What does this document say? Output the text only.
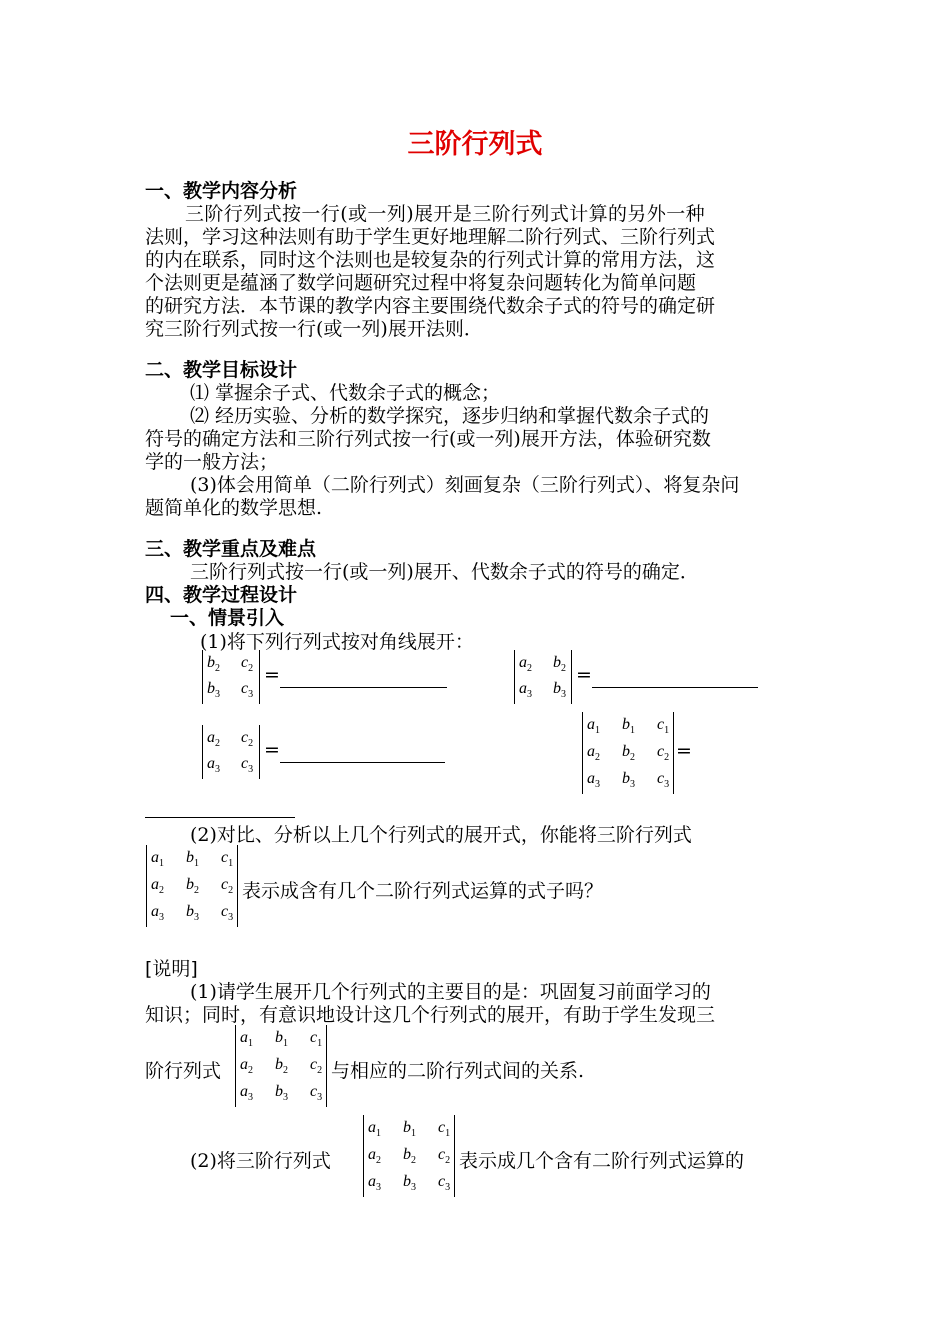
三阶行列式
一、教学内容分析
三阶行列式按一行(或一列)展开是三阶行列式计算的另外一种
法则，学习这种法则有助于学生更好地理解二阶行列式、三阶行列式
的内在联系，同时这个法则也是较复杂的行列式计算的常用方法，这
个法则更是蕴涵了数学问题研究过程中将复杂问题转化为简单问题
的研究方法．本节课的教学内容主要围绕代数余子式的符号的确定研
究三阶行列式按一行(或一列)展开法则．
二、教学目标设计
⑴ 掌握余子式、代数余子式的概念；
⑵ 经历实验、分析的数学探究，逐步归纳和掌握代数余子式的
符号的确定方法和三阶行列式按一行(或一列)展开方法，体验研究数
学的一般方法；
(3)体会用简单（二阶行列式）刻画复杂（三阶行列式）、将复杂问
题简单化的数学思想.
三、教学重点及难点
三阶行列式按一行(或一列)展开、代数余子式的符号的确定．
四、教学过程设计
一、情景引入
(1)将下列行列式按对角线展开：
$b_2$ $c_2$
$b_3$ $c_3$
=
$a_2$ $b_2$
$a_3$ $b_3$
=
$a_2$ $c_2$
$a_3$ $c_3$
=
$a_1$ $b_1$ $c_1$
$a_2$ $b_2$ $c_2$
$a_3$ $b_3$ $c_3$
=
(2)对比、分析以上几个行列式的展开式，你能将三阶行列式
$a_1$ $b_1$ $c_1$
$a_2$ $b_2$ $c_2$
$a_3$ $b_3$ $c_3$
表示成含有几个二阶行列式运算的式子吗？
[说明]
(1)请学生展开几个行列式的主要目的是：巩固复习前面学习的
知识；同时，有意识地设计这几个行列式的展开，有助于学生发现三
阶行列式
$a_1$ $b_1$ $c_1$
$a_2$ $b_2$ $c_2$
$a_3$ $b_3$ $c_3$
与相应的二阶行列式间的关系.
(2)将三阶行列式
$a_1$ $b_1$ $c_1$
$a_2$ $b_2$ $c_2$
$a_3$ $b_3$ $c_3$
表示成几个含有二阶行列式运算的
